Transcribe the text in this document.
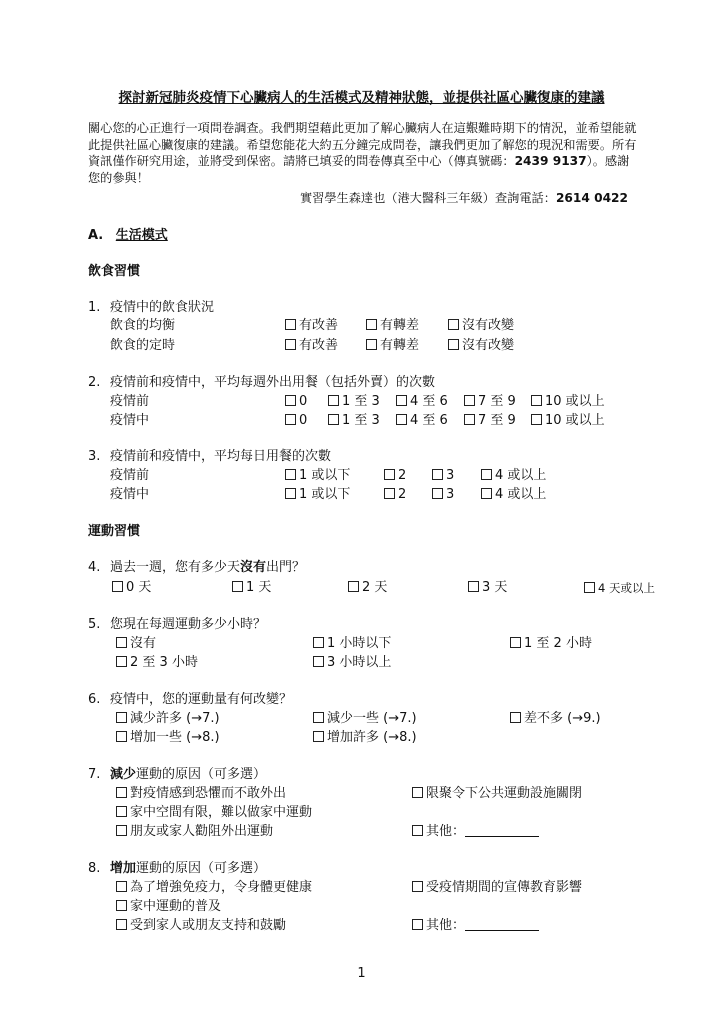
探討新冠肺炎疫情下心臟病人的生活模式及精神狀態，並提供社區心臟復康的建議
關心您的心正進行一項問卷調查。我們期望藉此更加了解心臟病人在這艱難時期下的情況，並希望能就此提供社區心臟復康的建議。希望您能花大約五分鐘完成問卷，讓我們更加了解您的現況和需要。所有資訊僅作研究用途，並將受到保密。請將已填妥的問卷傳真至中心（傳真號碼：2439 9137）。感謝您的參與！
實習學生森達也（港大醫科三年級）查詢電話：2614 0422
A. 生活模式
飲食習慣
1. 疫情中的飲食狀況
飲食的均衡	有改善	有轉差	沒有改變
飲食的定時	有改善	有轉差	沒有改變
2. 疫情前和疫情中，平均每週外出用餐（包括外賣）的次數
疫情前	0	1 至 3	4 至 6	7 至 9	10 或以上
疫情中	0	1 至 3	4 至 6	7 至 9	10 或以上
3. 疫情前和疫情中，平均每日用餐的次數
疫情前	1 或以下	2	3	4 或以上
疫情中	1 或以下	2	3	4 或以上
運動習慣
4. 過去一週，您有多少天沒有出門？
0 天	1 天	2 天	3 天	4 天或以上
5. 您現在每週運動多少小時？
沒有	1 小時以下	1 至 2 小時
2 至 3 小時	3 小時以上
6. 疫情中，您的運動量有何改變？
減少許多 (→7.)	減少一些 (→7.)	差不多 (→9.)
增加一些 (→8.)	增加許多 (→8.)
7. 減少運動的原因（可多選）
對疫情感到恐懼而不敢外出	限聚令下公共運動設施關閉
家中空間有限，難以做家中運動
朋友或家人勸阻外出運動	其他：
8. 增加運動的原因（可多選）
為了增強免疫力，令身體更健康	受疫情期間的宣傳教育影響
家中運動的普及
受到家人或朋友支持和鼓勵	其他：
1
